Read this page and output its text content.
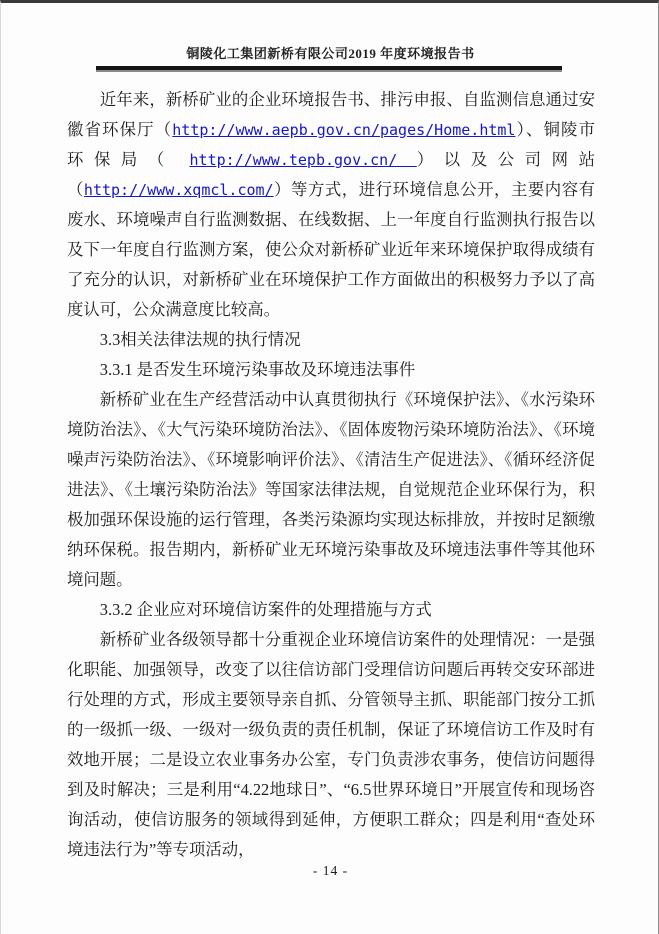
铜陵化工集团新桥有限公司2019 年度环境报告书

近年来，新桥矿业的企业环境报告书、排污申报、自监测信息通过安徽省环保厅（http://www.aepb.gov.cn/pages/Home.html）、铜陵市环保局（ http://www.tepb.gov.cn/ ）以及公司网站（http://www.xqmcl.com/）等方式，进行环境信息公开，主要内容有废水、环境噪声自行监测数据、在线数据、上一年度自行监测执行报告以及下一年度自行监测方案，使公众对新桥矿业近年来环境保护取得成绩有了充分的认识，对新桥矿业在环境保护工作方面做出的积极努力予以了高度认可，公众满意度比较高。

3.3相关法律法规的执行情况

3.3.1 是否发生环境污染事故及环境违法事件

新桥矿业在生产经营活动中认真贯彻执行《环境保护法》、《水污染环境防治法》、《大气污染环境防治法》、《固体废物污染环境防治法》、《环境噪声污染防治法》、《环境影响评价法》、《清洁生产促进法》、《循环经济促进法》、《土壤污染防治法》等国家法律法规，自觉规范企业环保行为，积极加强环保设施的运行管理，各类污染源均实现达标排放，并按时足额缴纳环保税。报告期内，新桥矿业无环境污染事故及环境违法事件等其他环境问题。

3.3.2 企业应对环境信访案件的处理措施与方式

新桥矿业各级领导都十分重视企业环境信访案件的处理情况：一是强化职能、加强领导，改变了以往信访部门受理信访问题后再转交安环部进行处理的方式，形成主要领导亲自抓、分管领导主抓、职能部门按分工抓的一级抓一级、一级对一级负责的责任机制，保证了环境信访工作及时有效地开展；二是设立农业事务办公室，专门负责涉农事务，使信访问题得到及时解决；三是利用“4.22地球日”、“6.5世界环境日”开展宣传和现场咨询活动，使信访服务的领域得到延伸，方便职工群众；四是利用“查处环境违法行为”等专项活动，

- 14 -
